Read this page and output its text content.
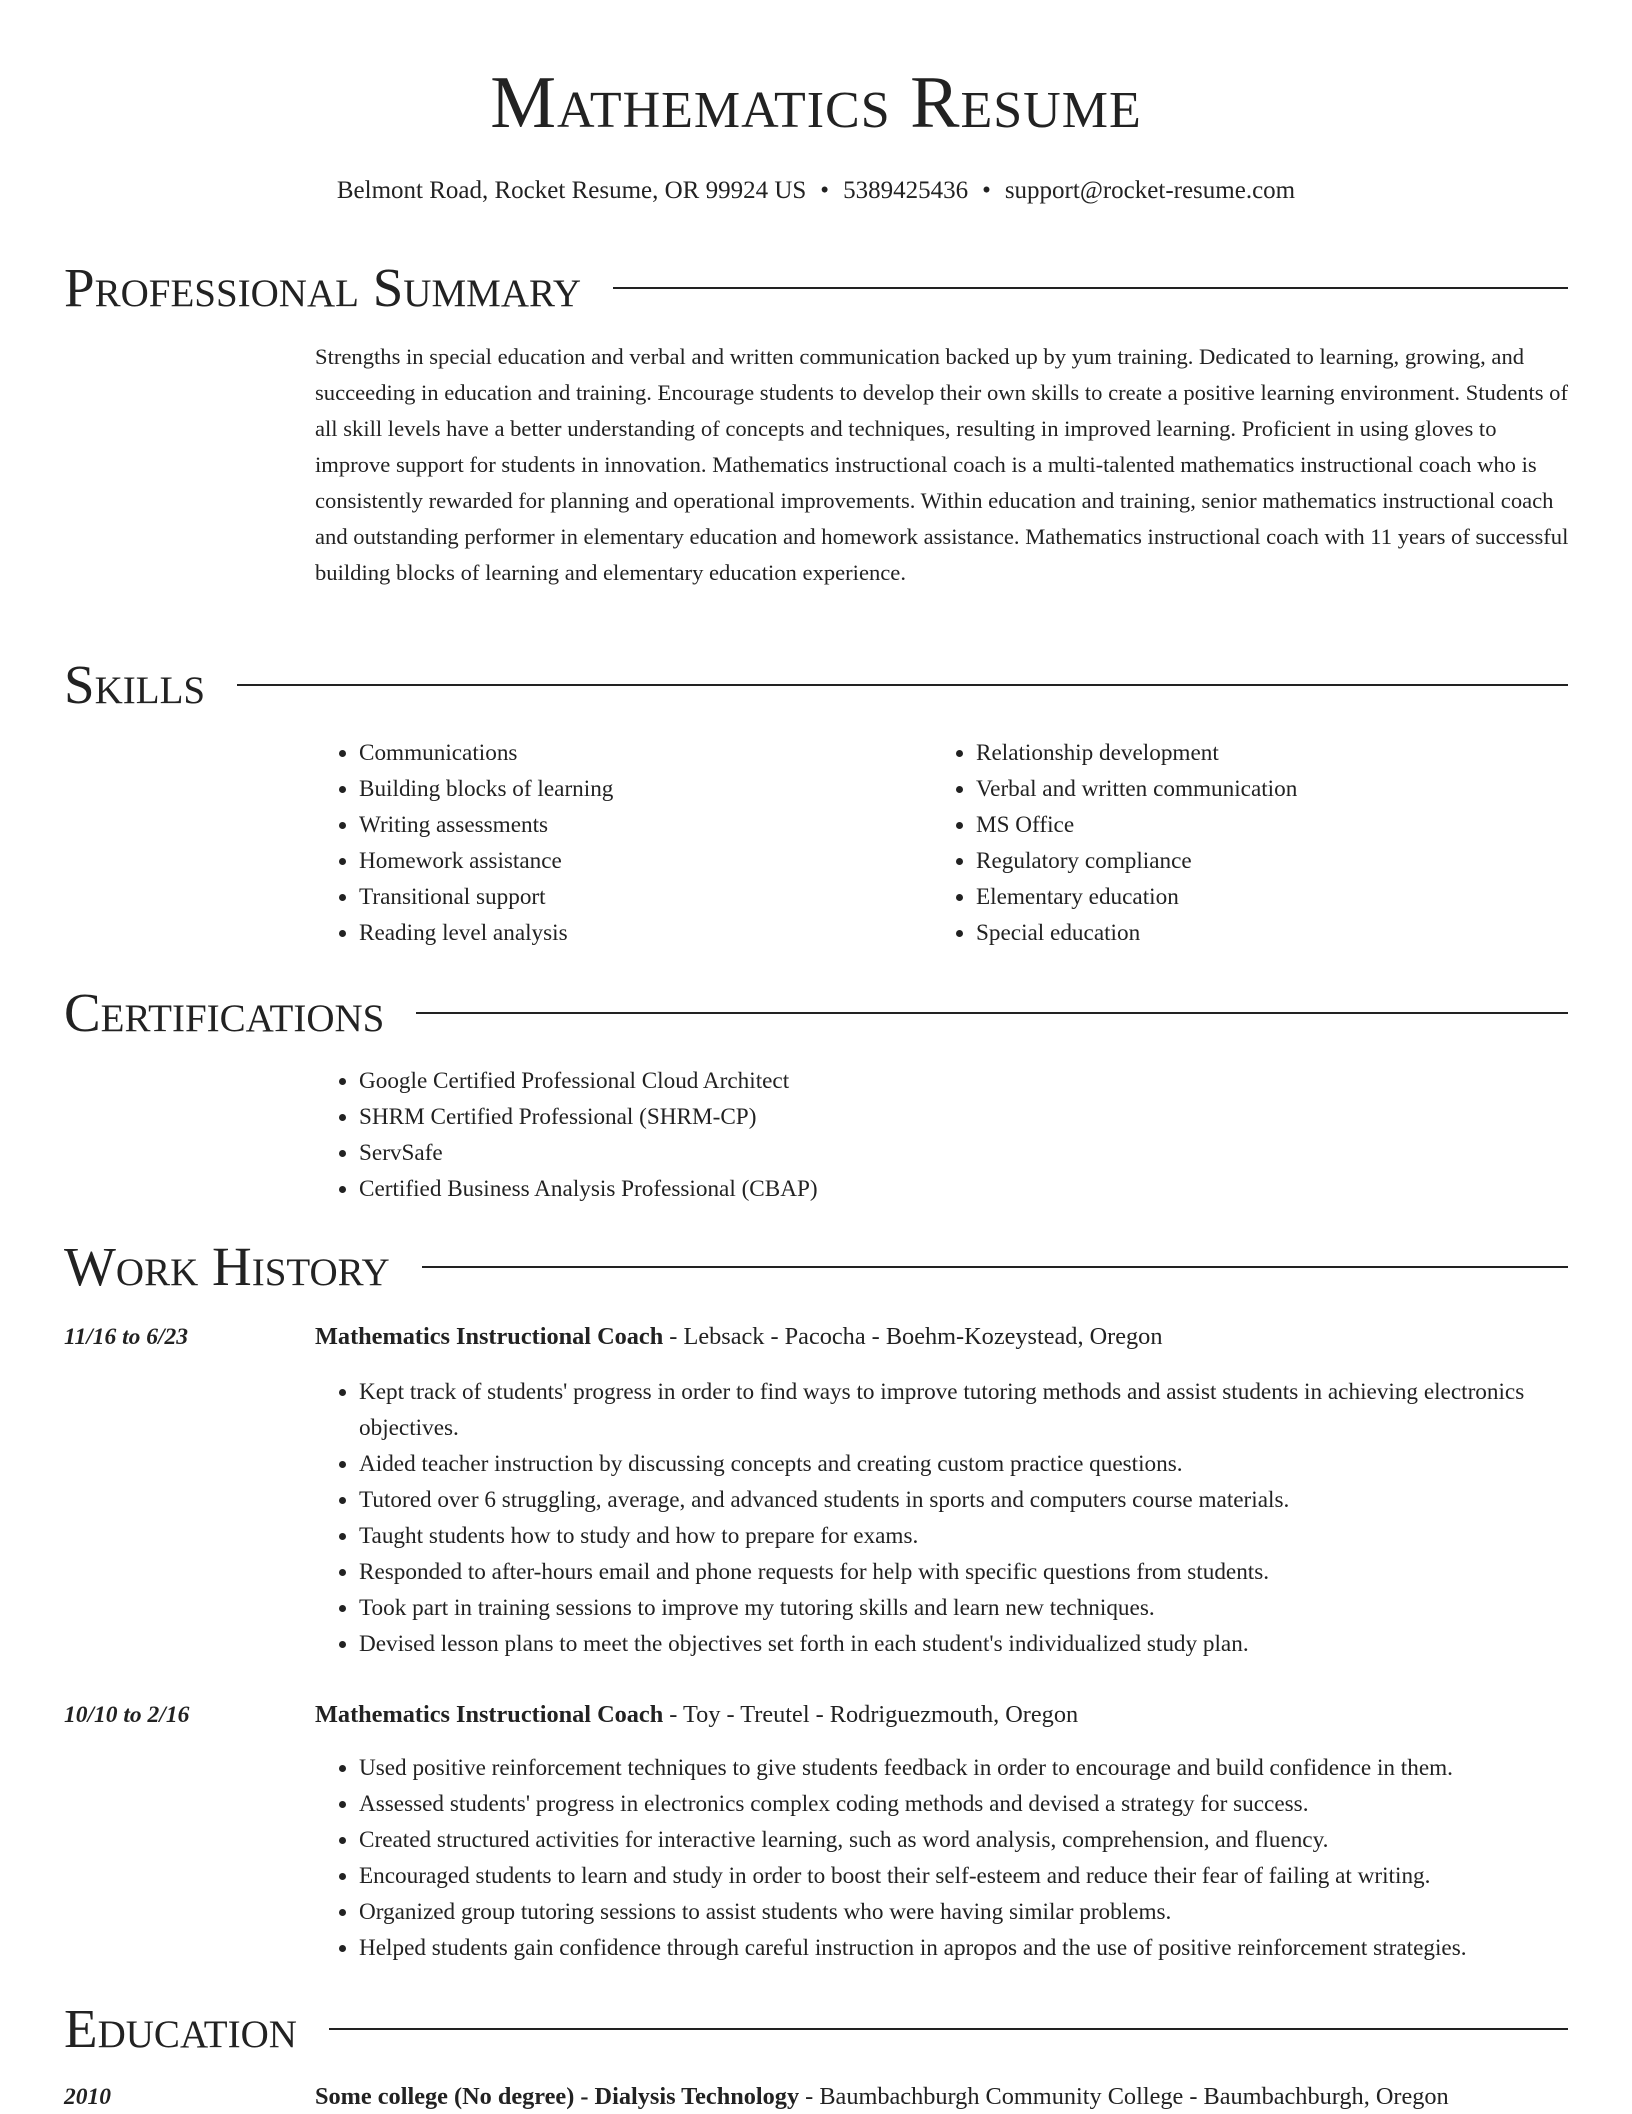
Mathematics Resume
Belmont Road, Rocket Resume, OR 99924 US • 5389425436 • support@rocket-resume.com
Professional Summary

Strengths in special education and verbal and written communication backed up by yum training. Dedicated to learning, growing, and succeeding in education and training. Encourage students to develop their own skills to create a positive learning environment. Students of all skill levels have a better understanding of concepts and techniques, resulting in improved learning. Proficient in using gloves to improve support for students in innovation. Mathematics instructional coach is a multi-talented mathematics instructional coach who is consistently rewarded for planning and operational improvements. Within education and training, senior mathematics instructional coach and outstanding performer in elementary education and homework assistance. Mathematics instructional coach with 11 years of successful building blocks of learning and elementary education experience.

Skills
• Communications
• Building blocks of learning
• Writing assessments
• Homework assistance
• Transitional support
• Reading level analysis
• Relationship development
• Verbal and written communication
• MS Office
• Regulatory compliance
• Elementary education
• Special education
Certifications
• Google Certified Professional Cloud Architect
• SHRM Certified Professional (SHRM-CP)
• ServSafe
• Certified Business Analysis Professional (CBAP)
Work History
11/16 to 6/23	Mathematics Instructional Coach - Lebsack - Pacocha - Boehm-Kozeystead, Oregon
• Kept track of students' progress in order to find ways to improve tutoring methods and assist students in achieving electronics objectives.
• Aided teacher instruction by discussing concepts and creating custom practice questions.
• Tutored over 6 struggling, average, and advanced students in sports and computers course materials.
• Taught students how to study and how to prepare for exams.
• Responded to after-hours email and phone requests for help with specific questions from students.
• Took part in training sessions to improve my tutoring skills and learn new techniques.
• Devised lesson plans to meet the objectives set forth in each student's individualized study plan.
10/10 to 2/16	Mathematics Instructional Coach - Toy - Treutel - Rodriguezmouth, Oregon
• Used positive reinforcement techniques to give students feedback in order to encourage and build confidence in them.
• Assessed students' progress in electronics complex coding methods and devised a strategy for success.
• Created structured activities for interactive learning, such as word analysis, comprehension, and fluency.
• Encouraged students to learn and study in order to boost their self-esteem and reduce their fear of failing at writing.
• Organized group tutoring sessions to assist students who were having similar problems.
• Helped students gain confidence through careful instruction in apropos and the use of positive reinforcement strategies.
Education
2010	Some college (No degree) - Dialysis Technology - Baumbachburgh Community College - Baumbachburgh, Oregon
